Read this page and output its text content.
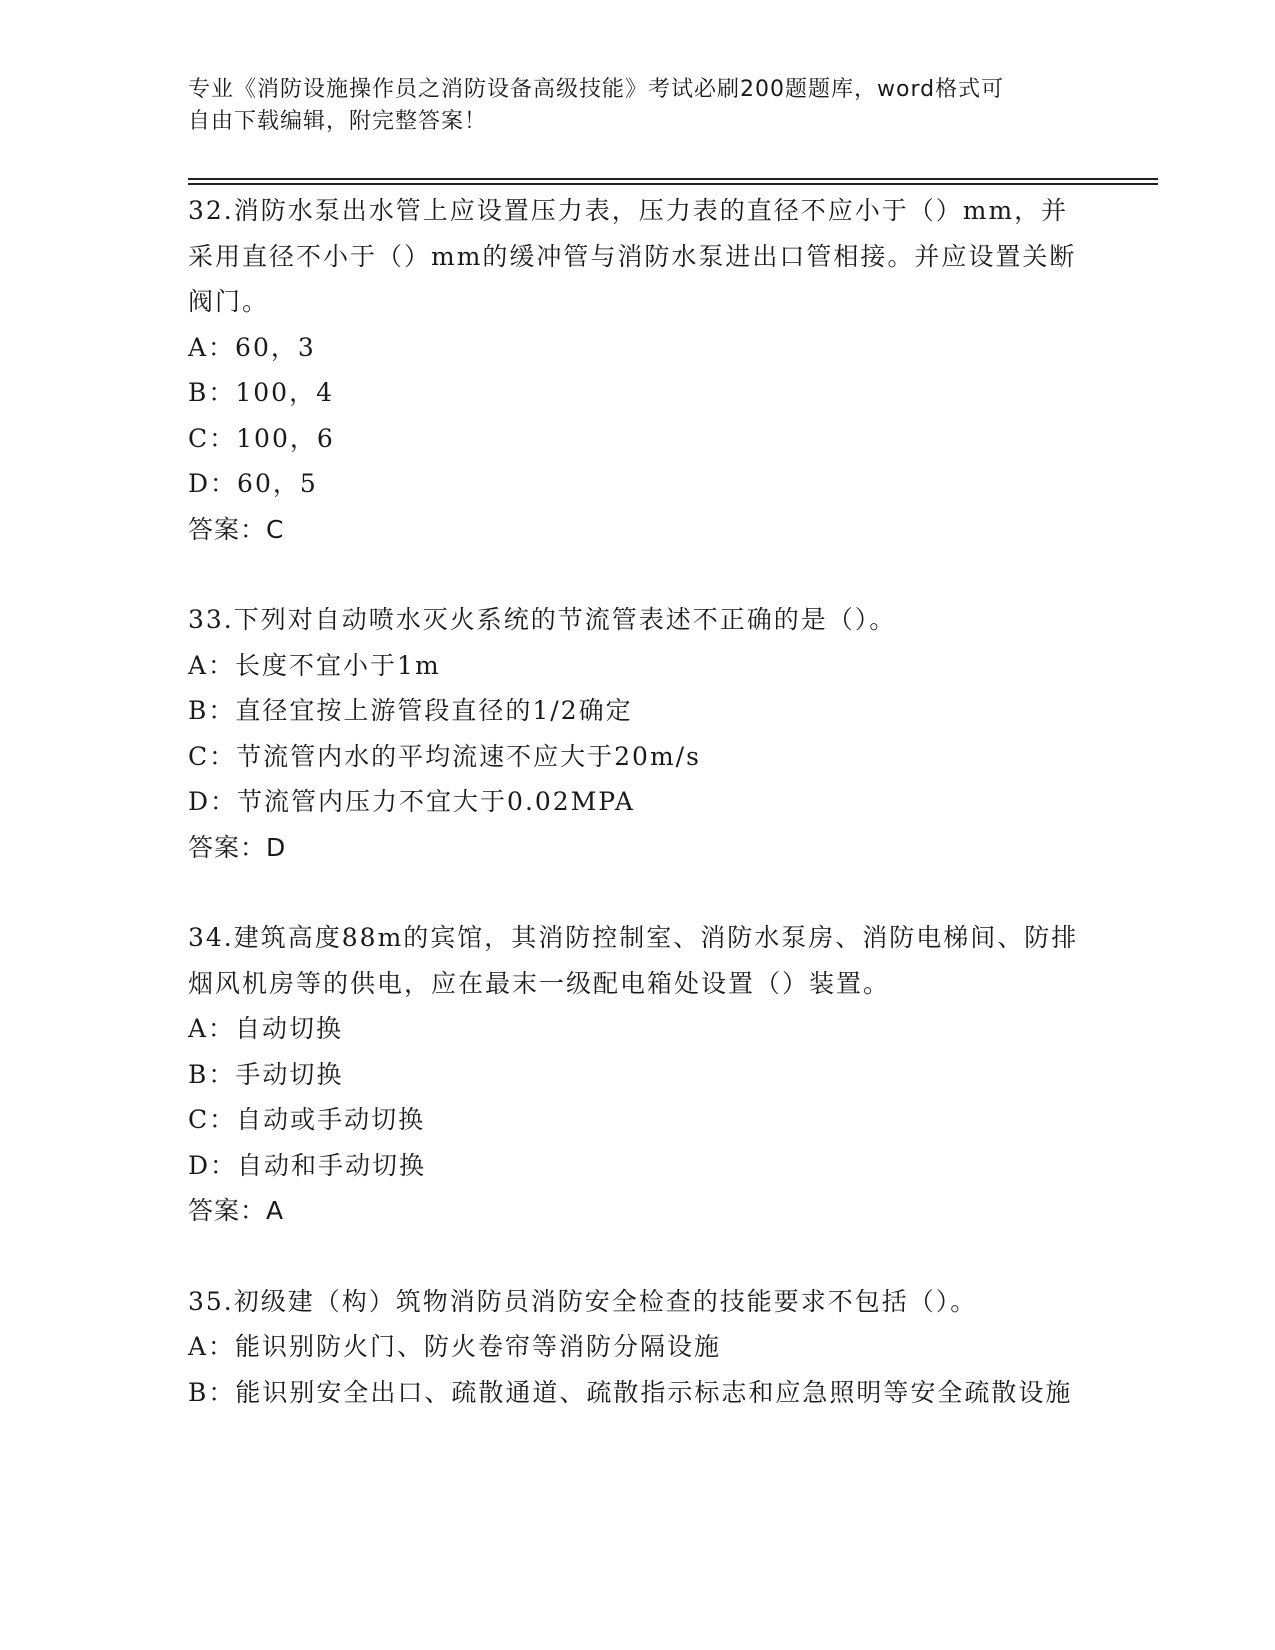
专业《消防设施操作员之消防设备高级技能》考试必刷200题题库，word格式可
自由下载编辑，附完整答案！

32.消防水泵出水管上应设置压力表，压力表的直径不应小于（）mm，并采用直径不小于（）mm的缓冲管与消防水泵进出口管相接。并应设置关断阀门。

A：60，3

B：100，4

C：100，6

D：60，5

答案：C

33.下列对自动喷水灭火系统的节流管表述不正确的是（）。

A：长度不宜小于1m

B：直径宜按上游管段直径的1/2确定

C：节流管内水的平均流速不应大于20m/s

D：节流管内压力不宜大于0.02MPA

答案：D

34.建筑高度88m的宾馆，其消防控制室、消防水泵房、消防电梯间、防排烟风机房等的供电，应在最末一级配电箱处设置（）装置。

A：自动切换

B：手动切换

C：自动或手动切换

D：自动和手动切换

答案：A

35.初级建（构）筑物消防员消防安全检查的技能要求不包括（）。

A：能识别防火门、防火卷帘等消防分隔设施

B：能识别安全出口、疏散通道、疏散指示标志和应急照明等安全疏散设施
